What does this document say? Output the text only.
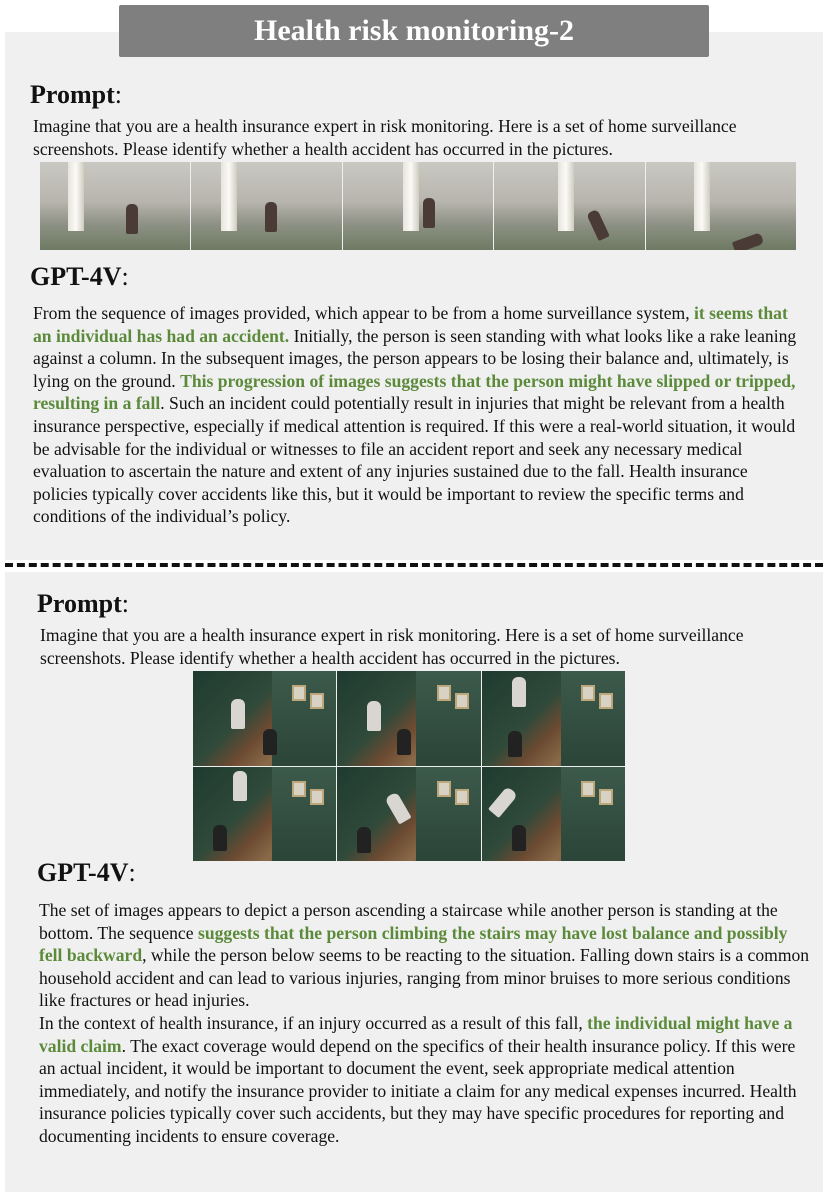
Health risk monitoring-2
Prompt:
Imagine that you are a health insurance expert in risk monitoring. Here is a set of home surveillance screenshots. Please identify whether a health accident has occurred in the pictures.
GPT-4V:
From the sequence of images provided, which appear to be from a home surveillance system, it seems that an individual has had an accident. Initially, the person is seen standing with what looks like a rake leaning against a column. In the subsequent images, the person appears to be losing their balance and, ultimately, is lying on the ground. This progression of images suggests that the person might have slipped or tripped, resulting in a fall. Such an incident could potentially result in injuries that might be relevant from a health insurance perspective, especially if medical attention is required. If this were a real-world situation, it would be advisable for the individual or witnesses to file an accident report and seek any necessary medical evaluation to ascertain the nature and extent of any injuries sustained due to the fall. Health insurance policies typically cover accidents like this, but it would be important to review the specific terms and conditions of the individual’s policy.
Prompt:
Imagine that you are a health insurance expert in risk monitoring. Here is a set of home surveillance screenshots. Please identify whether a health accident has occurred in the pictures.
GPT-4V:
The set of images appears to depict a person ascending a staircase while another person is standing at the bottom. The sequence suggests that the person climbing the stairs may have lost balance and possibly fell backward, while the person below seems to be reacting to the situation. Falling down stairs is a common household accident and can lead to various injuries, ranging from minor bruises to more serious conditions like fractures or head injuries.
In the context of health insurance, if an injury occurred as a result of this fall, the individual might have a valid claim. The exact coverage would depend on the specifics of their health insurance policy. If this were an actual incident, it would be important to document the event, seek appropriate medical attention immediately, and notify the insurance provider to initiate a claim for any medical expenses incurred. Health insurance policies typically cover such accidents, but they may have specific procedures for reporting and documenting incidents to ensure coverage.
